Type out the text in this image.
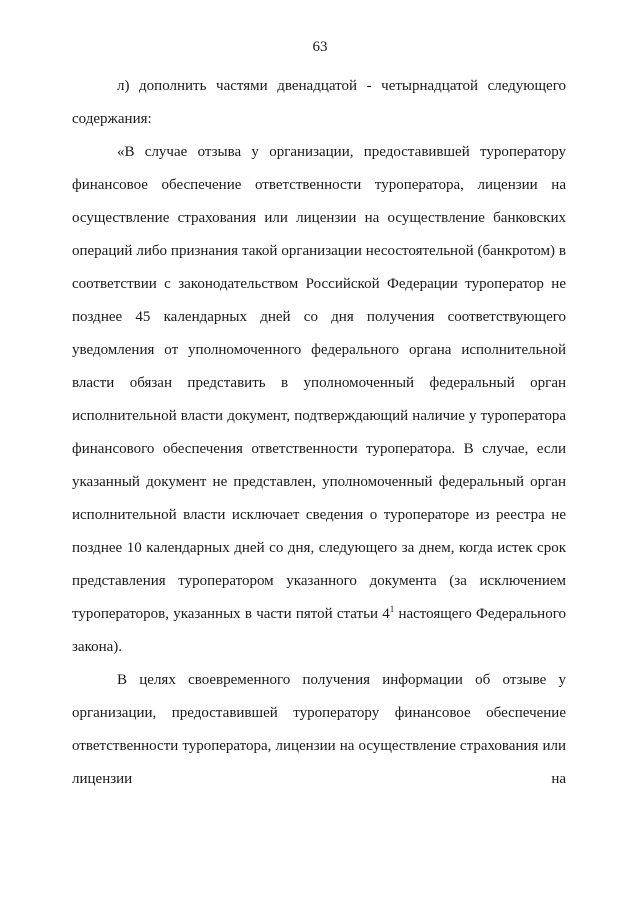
63

л) дополнить частями двенадцатой - четырнадцатой следующего содержания:

«В случае отзыва у организации, предоставившей туроператору финансовое обеспечение ответственности туроператора, лицензии на осуществление страхования или лицензии на осуществление банковских операций либо признания такой организации несостоятельной (банкротом) в соответствии с законодательством Российской Федерации туроператор не позднее 45 календарных дней со дня получения соответствующего уведомления от уполномоченного федерального органа исполнительной власти обязан представить в уполномоченный федеральный орган исполнительной власти документ, подтверждающий наличие у туроператора финансового обеспечения ответственности туроператора. В случае, если указанный документ не представлен, уполномоченный федеральный орган исполнительной власти исключает сведения о туроператоре из реестра не позднее 10 календарных дней со дня, следующего за днем, когда истек срок представления туроператором указанного документа (за исключением туроператоров, указанных в части пятой статьи $4^1$ настоящего Федерального закона).

В целях своевременного получения информации об отзыве у организации, предоставившей туроператору финансовое обеспечение ответственности туроператора, лицензии на осуществление страхования или лицензии на
